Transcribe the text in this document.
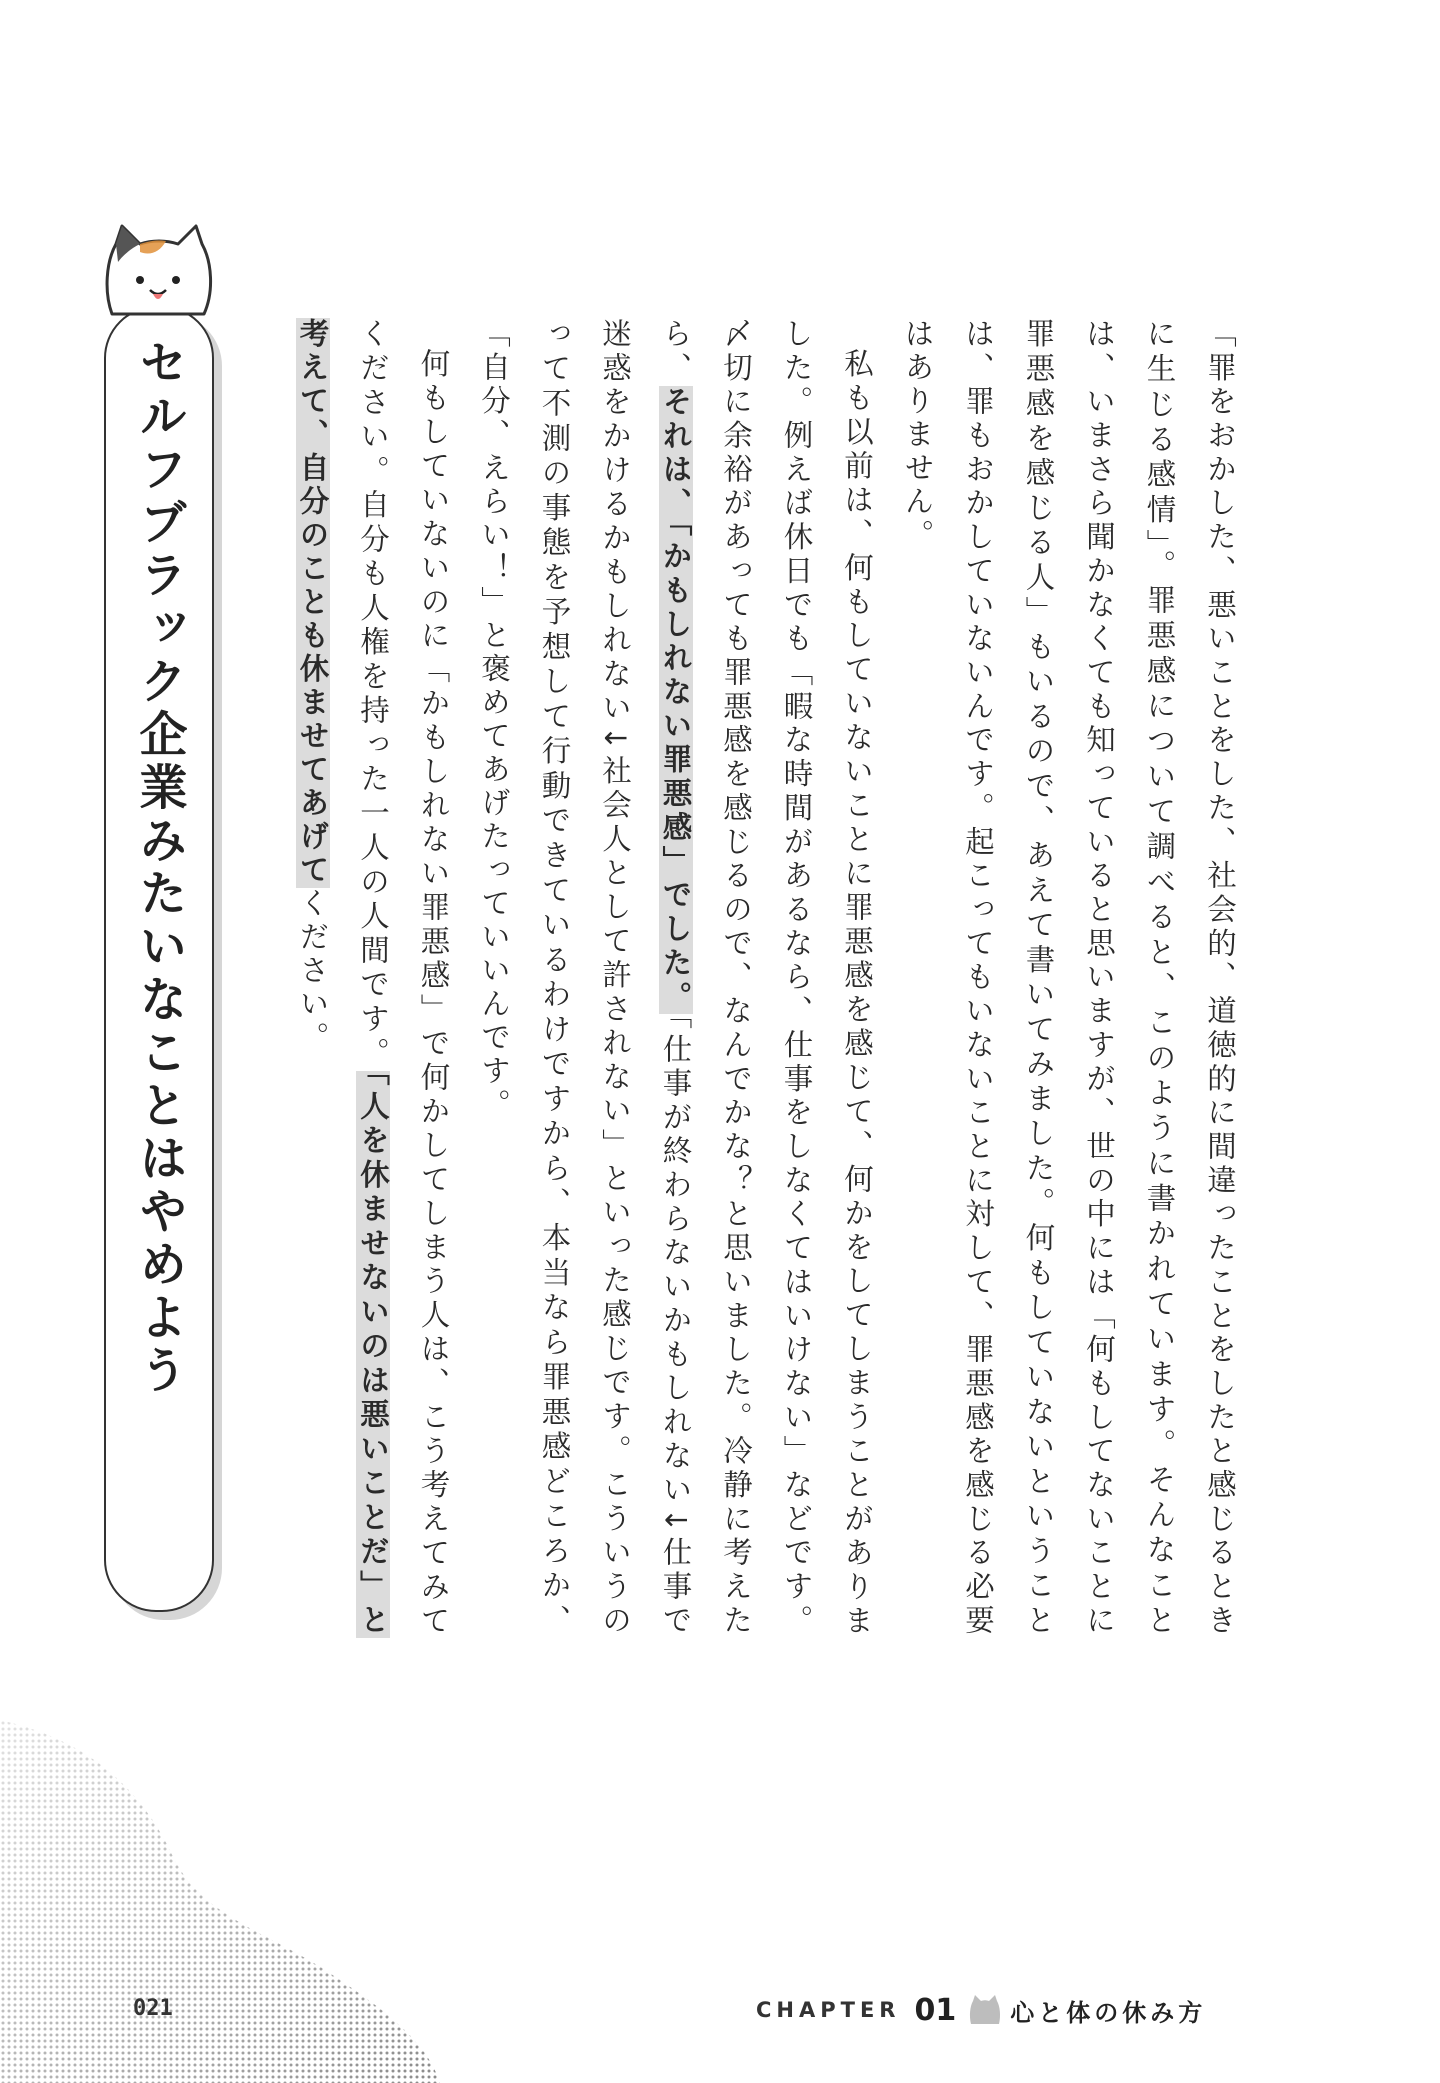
セルフブラック企業みたいなことはやめよう	「罪をおかした、悪いことをした、社会的、道徳的に間違ったことをしたと感じるときに生じる感情」。罪悪感について調べると、このように書かれています。そんなことは、いまさら聞かなくても知っていると思いますが、世の中には「何もしてないことに罪悪感を感じる人」もいるので、あえて書いてみました。何もしていないということは、罪もおかしていないんです。起こってもいないことに対して、罪悪感を感じる必要はありません。

私も以前は、何もしていないことに罪悪感を感じて、何かをしてしまうことがありました。例えば休日でも「暇な時間があるなら、仕事をしなくてはいけない」などです。〆切に余裕があっても罪悪感を感じるので、なんでかな？と思いました。冷静に考えたら、それは、「かもしれない罪悪感」でした。「仕事が終わらないかもしれない↓仕事で迷惑をかけるかもしれない↓社会人として許されない」といった感じです。こういうのって不測の事態を予想して行動できているわけですから、本当なら罪悪感どころか、「自分、えらい！」と褒めてあげたっていいんです。

何もしていないのに「かもしれない罪悪感」で何かしてしまう人は、こう考えてみてください。自分も人権を持った一人の人間です。「人を休ませないのは悪いことだ」と考えて、自分のことも休ませてあげてください。

021	CHAPTER 01 心と体の休み方
